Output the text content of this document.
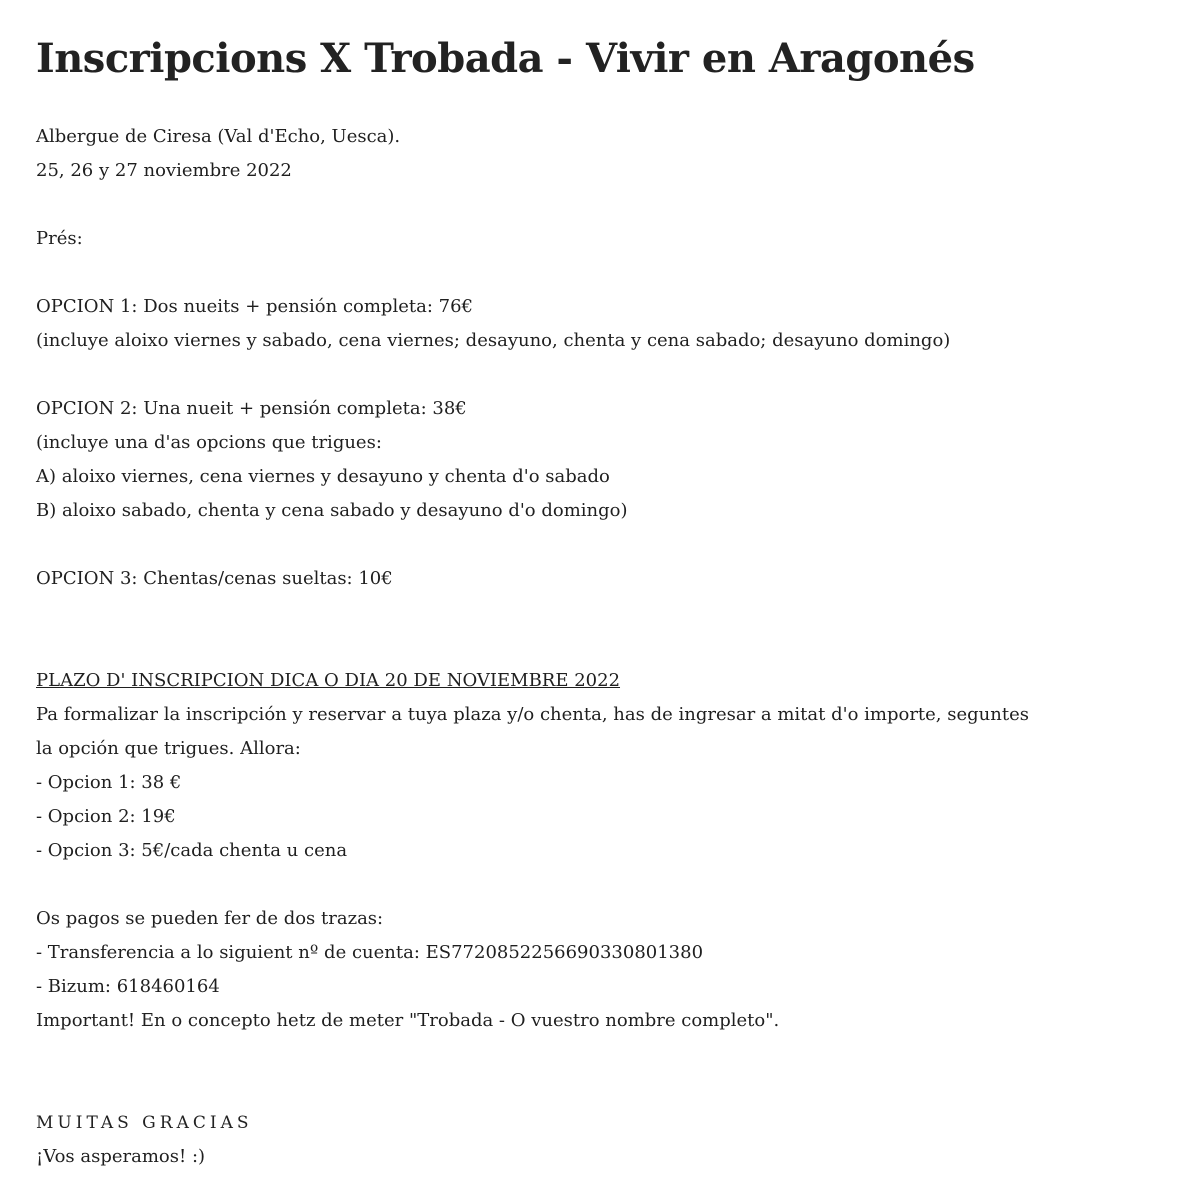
Inscripcions X Trobada - Vivir en Aragonés
Albergue de Ciresa (Val d'Echo, Uesca).
25, 26 y 27 noviembre 2022
Prés:
OPCION 1: Dos nueits + pensión completa: 76€
(incluye aloixo viernes y sabado, cena viernes; desayuno, chenta y cena sabado; desayuno domingo)
OPCION 2: Una nueit + pensión completa: 38€
(incluye una d'as opcions que trigues:
A) aloixo viernes, cena viernes y desayuno y chenta d'o sabado
B) aloixo sabado, chenta y cena sabado y desayuno d'o domingo)
OPCION 3: Chentas/cenas sueltas: 10€
PLAZO D' INSCRIPCION DICA O DIA 20 DE NOVIEMBRE 2022
Pa formalizar la inscripción y reservar a tuya plaza y/o chenta, has de ingresar a mitat d'o importe, seguntes
la opción que trigues. Allora:
- Opcion 1: 38 €
- Opcion 2: 19€
- Opcion 3: 5€/cada chenta u cena
Os pagos se pueden fer de dos trazas:
- Transferencia a lo siguient nº de cuenta: ES7720852256690330801380
- Bizum: 618460164
Important! En o concepto hetz de meter "Trobada - O vuestro nombre completo".
MUITAS GRACIAS
¡Vos asperamos! :)
